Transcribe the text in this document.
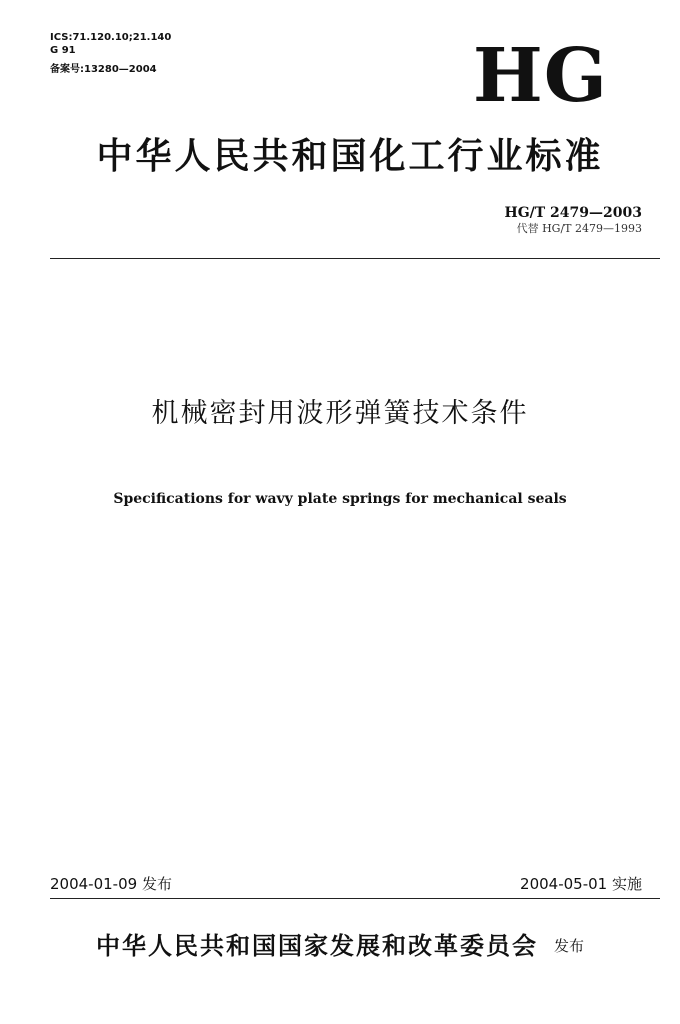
ICS:71.120.10;21.140
G 91
备案号:13280—2004	HG
中华人民共和国化工行业标准
HG/T 2479—2003
代替 HG/T 2479—1993
机械密封用波形弹簧技术条件
Specifications for wavy plate springs for mechanical seals
2004-01-09 发布	2004-05-01 实施
中华人民共和国国家发展和改革委员会 发布
